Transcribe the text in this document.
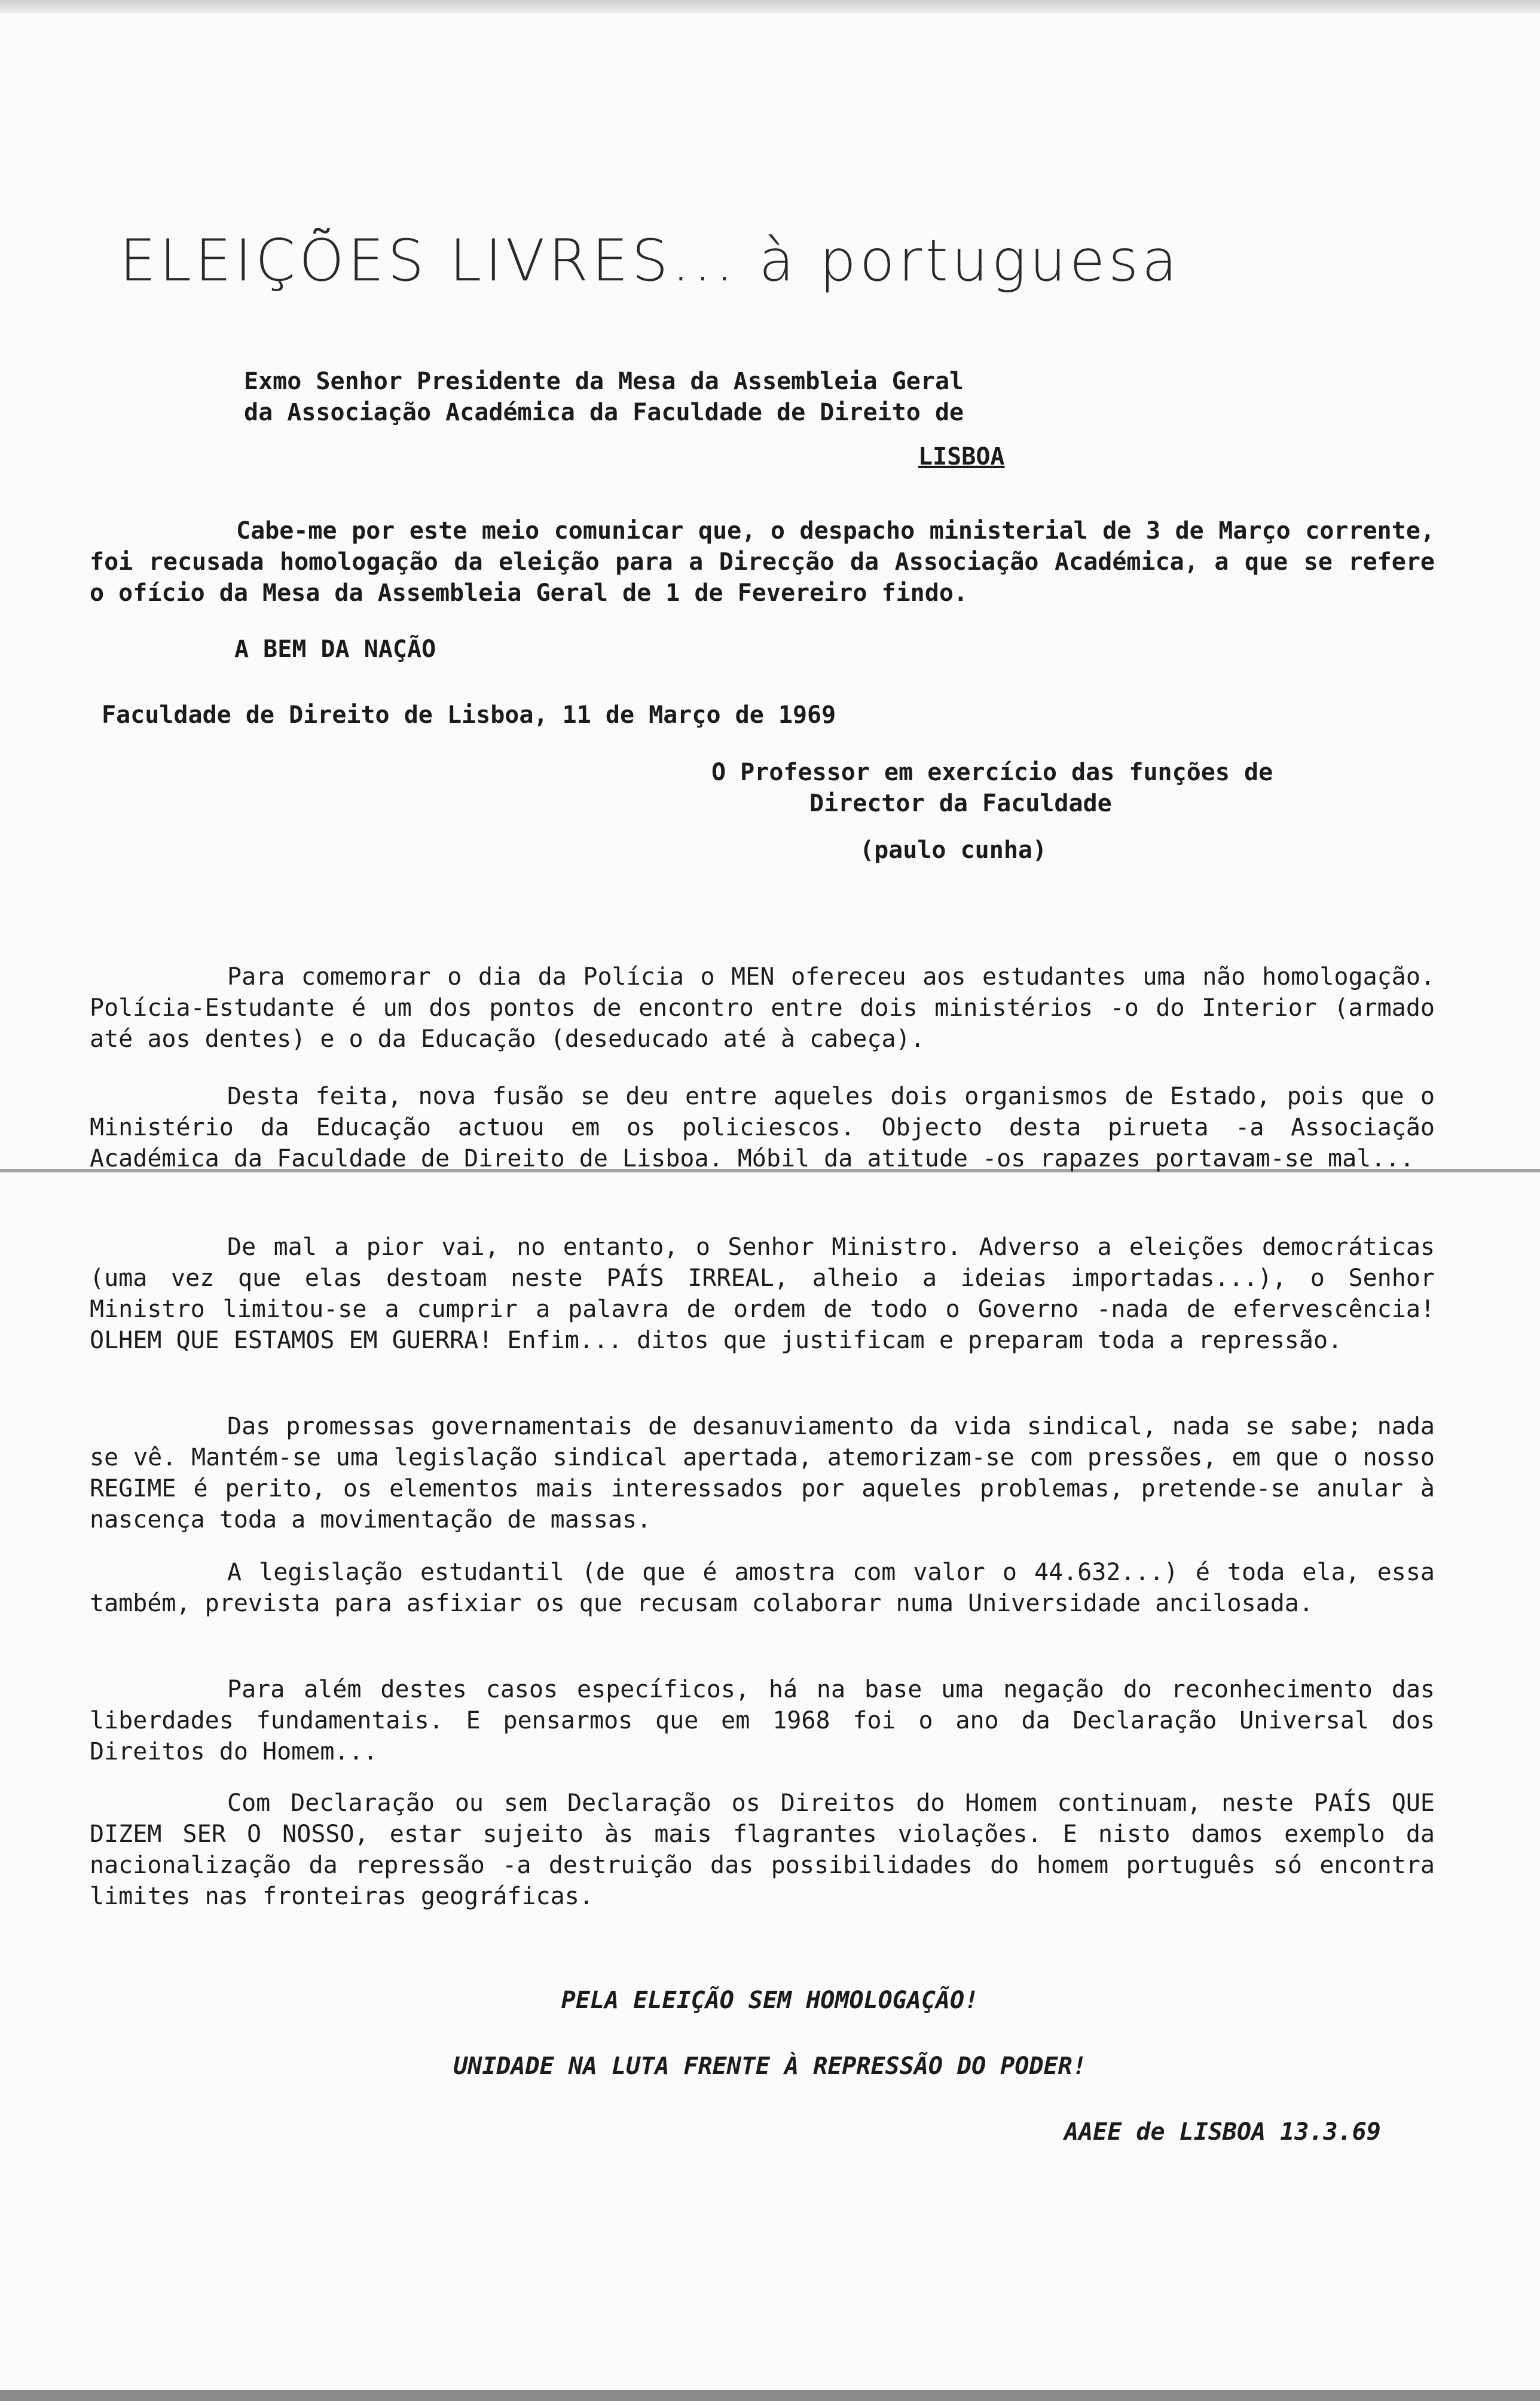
ELEIÇÕES LIVRES... à portuguesa
Exmo Senhor Presidente da Mesa da Assembleia Geral
da Associação Académica da Faculdade de Direito de
LISBOA
Cabe-me por este meio comunicar que, o despacho ministerial de 3 de Março corrente, foi recusada homologação da eleição para a Direcção da Associação Académica, a que se refere o ofício da Mesa da Assembleia Geral de 1 de Fevereiro findo.
A BEM DA NAÇÃO
Faculdade de Direito de Lisboa, 11 de Março de 1969
O Professor em exercício das funções de
Director da Faculdade
(paulo cunha)
Para comemorar o dia da Polícia o MEN ofereceu aos estudantes uma não homologação. Polícia-Estudante é um dos pontos de encontro entre dois ministérios -o do Interior (armado até aos dentes) e o da Educação (deseducado até à cabeça).
Desta feita, nova fusão se deu entre aqueles dois organismos de Estado, pois que o Ministério da Educação actuou em os policiescos. Objecto desta pirueta -a Associação Académica da Faculdade de Direito de Lisboa. Móbil da atitude -os rapazes portavam-se mal...
De mal a pior vai, no entanto, o Senhor Ministro. Adverso a eleições democráticas (uma vez que elas destoam neste PAÍS IRREAL, alheio a ideias importadas...), o Senhor Ministro limitou-se a cumprir a palavra de ordem de todo o Governo -nada de efervescência! OLHEM QUE ESTAMOS EM GUERRA! Enfim... ditos que justificam e preparam toda a repressão.
Das promessas governamentais de desanuviamento da vida sindical, nada se sabe; nada se vê. Mantém-se uma legislação sindical apertada, atemorizam-se com pressões, em que o nosso REGIME é perito, os elementos mais interessados por aqueles problemas, pretende-se anular à nascença toda a movimentação de massas.
A legislação estudantil (de que é amostra com valor o 44.632...) é toda ela, essa também, prevista para asfixiar os que recusam colaborar numa Universidade ancilosada.
Para além destes casos específicos, há na base uma negação do reconhecimento das liberdades fundamentais. E pensarmos que em 1968 foi o ano da Declaração Universal dos Direitos do Homem...
Com Declaração ou sem Declaração os Direitos do Homem continuam, neste PAÍS QUE DIZEM SER O NOSSO, estar sujeito às mais flagrantes violações. E nisto damos exemplo da nacionalização da repressão -a destruição das possibilidades do homem português só encontra limites nas fronteiras geográficas.
PELA ELEIÇÃO SEM HOMOLOGAÇÃO!
UNIDADE NA LUTA FRENTE À REPRESSÃO DO PODER!
AAEE de LISBOA 13.3.69
